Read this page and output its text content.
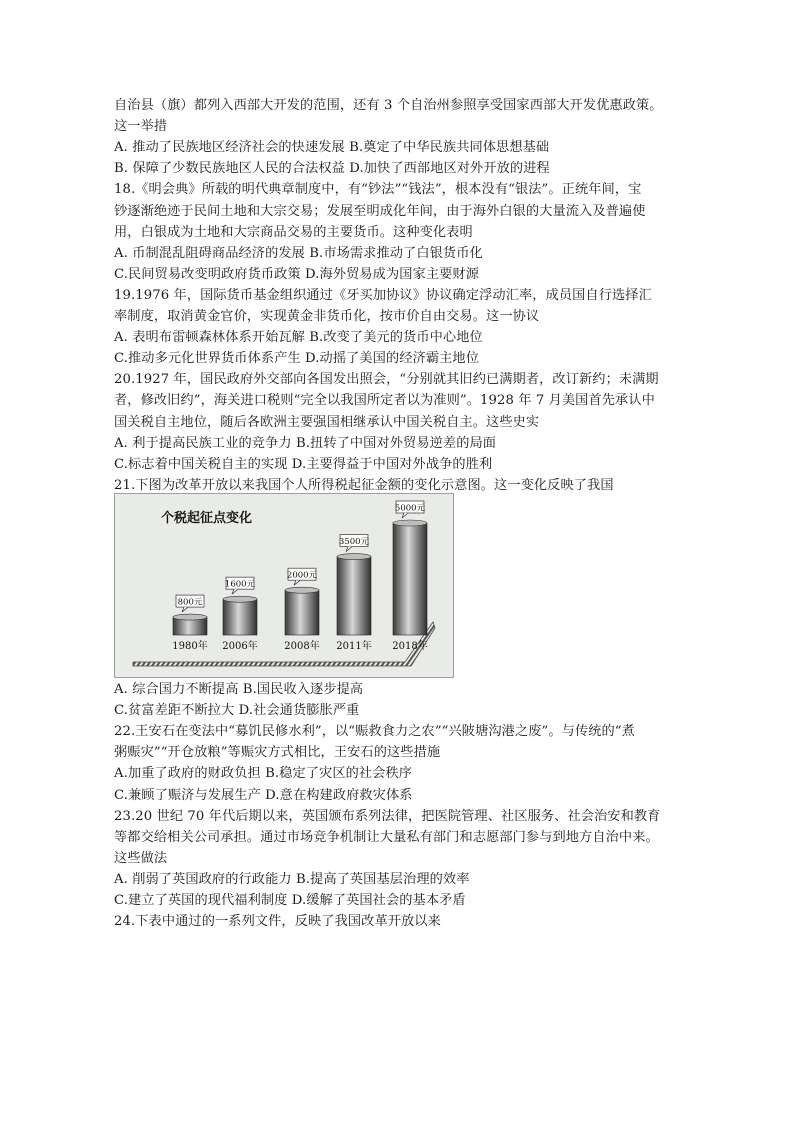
自治县（旗）都列入西部大开发的范围，还有 3 个自治州参照享受国家西部大开发优惠政策。
这一举措
A. 推动了民族地区经济社会的快速发展 B.奠定了中华民族共同体思想基础
B. 保障了少数民族地区人民的合法权益 D.加快了西部地区对外开放的进程
18.《明会典》所载的明代典章制度中，有“钞法”“钱法”，根本没有“银法”。正统年间，宝
钞逐渐绝迹于民间土地和大宗交易；发展至明成化年间，由于海外白银的大量流入及普遍使
用，白银成为土地和大宗商品交易的主要货币。这种变化表明
A. 币制混乱阻碍商品经济的发展 B.市场需求推动了白银货币化
C.民间贸易改变明政府货币政策 D.海外贸易成为国家主要财源
19.1976 年，国际货币基金组织通过《牙买加协议》协议确定浮动汇率，成员国自行选择汇
率制度，取消黄金官价，实现黄金非货币化，按市价自由交易。这一协议
A. 表明布雷顿森林体系开始瓦解 B.改变了美元的货币中心地位
C.推动多元化世界货币体系产生 D.动摇了美国的经济霸主地位
20.1927 年，国民政府外交部向各国发出照会，“分别就其旧约已满期者，改订新约；未满期
者，修改旧约”，海关进口税则“完全以我国所定者以为准则”。1928 年 7 月美国首先承认中
国关税自主地位，随后各欧洲主要强国相继承认中国关税自主。这些史实
A. 利于提高民族工业的竞争力 B.扭转了中国对外贸易逆差的局面
C.标志着中国关税自主的实现 D.主要得益于中国对外战争的胜利
21.下图为改革开放以来我国个人所得税起征金额的变化示意图。这一变化反映了我国
个税起征点变化
800元
1980年
1600元
2006年
2000元
2008年
3500元
2011年
5000元
2018年
A. 综合国力不断提高 B.国民收入逐步提高
C.贫富差距不断拉大 D.社会通货膨胀严重
22.王安石在变法中“募饥民修水利”，以“赈救食力之农”“兴陂塘沟港之废”。与传统的“煮
粥赈灾”“开仓放粮”等赈灾方式相比，王安石的这些措施
A.加重了政府的财政负担 B.稳定了灾区的社会秩序
C.兼顾了赈济与发展生产 D.意在构建政府救灾体系
23.20 世纪 70 年代后期以来，英国颁布系列法律，把医院管理、社区服务、社会治安和教育
等都交给相关公司承担。通过市场竞争机制让大量私有部门和志愿部门参与到地方自治中来。
这些做法
A. 削弱了英国政府的行政能力 B.提高了英国基层治理的效率
C.建立了英国的现代福利制度 D.缓解了英国社会的基本矛盾
24.下表中通过的一系列文件，反映了我国改革开放以来
